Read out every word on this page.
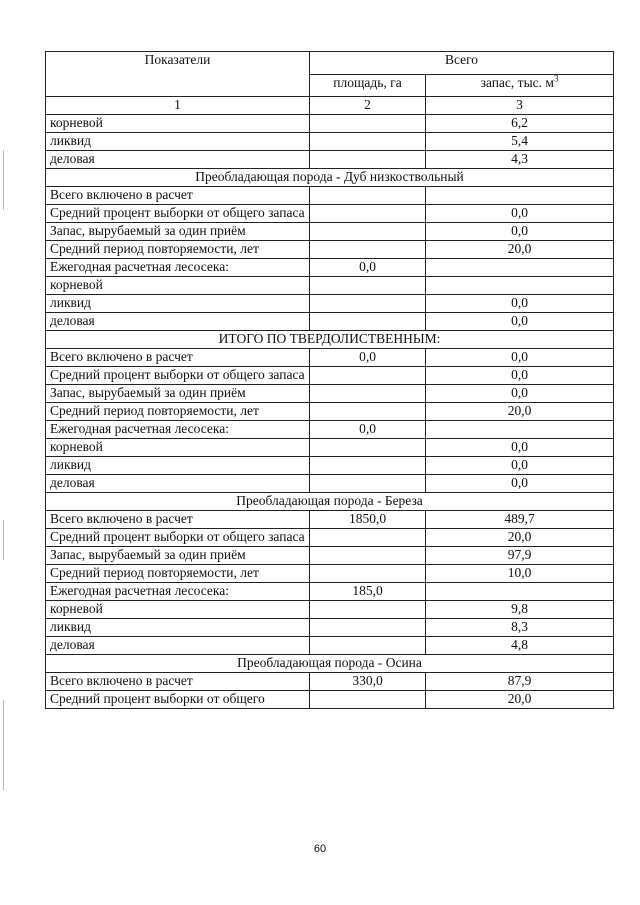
Показатели	Всего	
	площадь, га	запас, тыс. $м^3$
1	2	3
корневой		6,2
ликвид		5,4
деловая		4,3
Преобладающая порода - Дуб низкоствольный		
Всего включено в расчет		
Средний процент выборки от общего запаса		0,0
Запас, вырубаемый за один приём		0,0
Средний период повторяемости, лет		20,0
Ежегодная расчетная лесосека:	0,0	
корневой		
ликвид		0,0
деловая		0,0
ИТОГО ПО ТВЕРДОЛИСТВЕННЫМ:		
Всего включено в расчет	0,0	0,0
Средний процент выборки от общего запаса		0,0
Запас, вырубаемый за один приём		0,0
Средний период повторяемости, лет		20,0
Ежегодная расчетная лесосека:	0,0	
корневой		0,0
ликвид		0,0
деловая		0,0
Преобладающая порода - Береза		
Всего включено в расчет	1850,0	489,7
Средний процент выборки от общего запаса		20,0
Запас, вырубаемый за один приём		97,9
Средний период повторяемости, лет		10,0
Ежегодная расчетная лесосека:	185,0	
корневой		9,8
ликвид		8,3
деловая		4,8
Преобладающая порода - Осина		
Всего включено в расчет	330,0	87,9
Средний процент выборки от общего		20,0
60
